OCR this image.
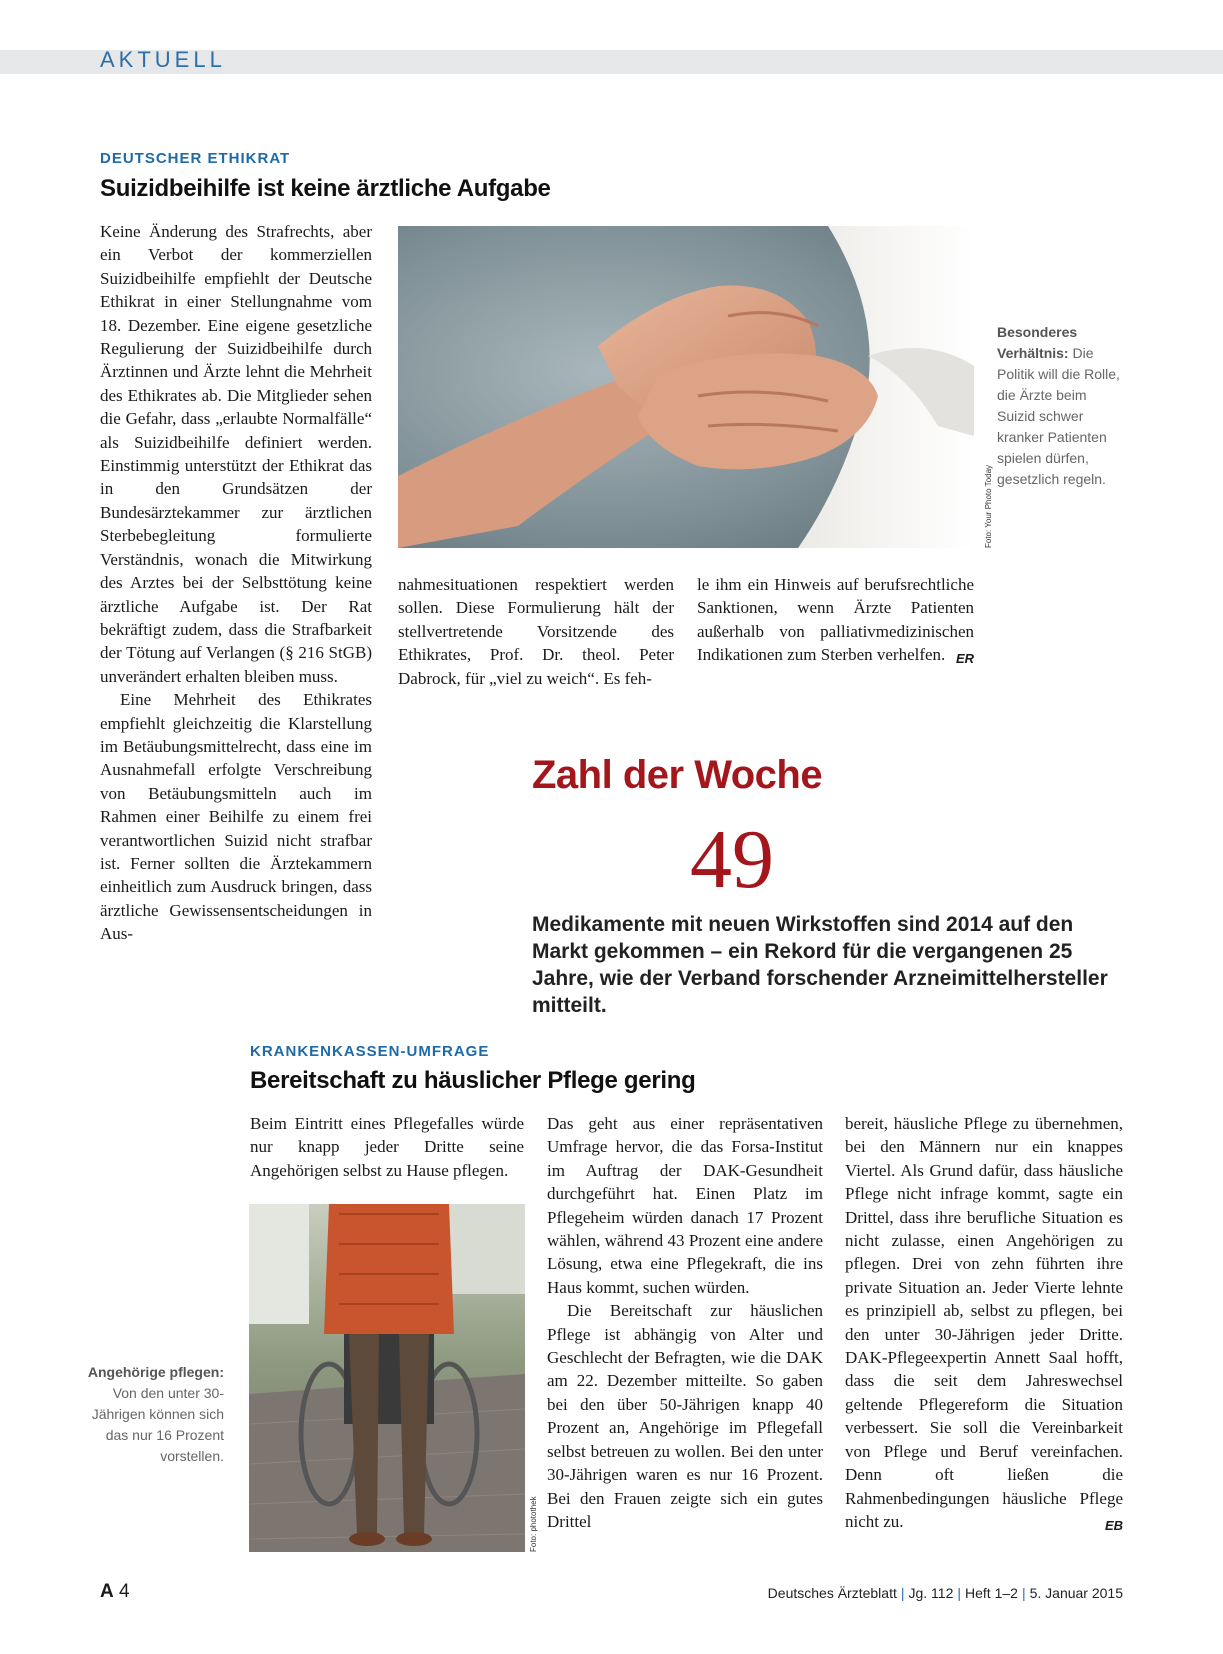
AKTUELL
DEUTSCHER ETHIKRAT
Suizidbeihilfe ist keine ärztliche Aufgabe

Keine Änderung des Strafrechts, aber ein Verbot der kommerziellen Suizidbeihilfe empfiehlt der Deutsche Ethikrat in einer Stellungnahme vom 18. Dezember. Eine eigene gesetzliche Regulierung der Suizidbeihilfe durch Ärztinnen und Ärzte lehnt die Mehrheit des Ethikrates ab. Die Mitglieder sehen die Gefahr, dass „erlaubte Normalfälle“ als Suizidbeihilfe definiert werden. Einstimmig unterstützt der Ethikrat das in den Grundsätzen der Bundesärztekammer zur ärztlichen Sterbebegleitung formulierte Verständnis, wonach die Mitwirkung des Arztes bei der Selbsttötung keine ärztliche Aufgabe ist. Der Rat bekräftigt zudem, dass die Strafbarkeit der Tötung auf Verlangen (§ 216 StGB) unverändert erhalten bleiben muss.

Eine Mehrheit des Ethikrates empfiehlt gleichzeitig die Klarstellung im Betäubungsmittelrecht, dass eine im Ausnahmefall erfolgte Verschreibung von Betäubungsmitteln auch im Rahmen einer Beihilfe zu einem frei verantwortlichen Suizid nicht strafbar ist. Ferner sollten die Ärztekammern einheitlich zum Ausdruck bringen, dass ärztliche Gewissensentscheidungen in Aus-

Foto: Your Photo Today
Besonderes Verhältnis: Die Politik will die Rolle, die Ärzte beim Suizid schwer kranker Patienten spielen dürfen, gesetzlich regeln.

nahmesituationen respektiert werden sollen. Diese Formulierung hält der stellvertretende Vorsitzende des Ethikrates, Prof. Dr. theol. Peter Dabrock, für „viel zu weich“. Es feh-

le ihm ein Hinweis auf berufsrechtliche Sanktionen, wenn Ärzte Patienten außerhalb von palliativmedizinischen Indikationen zum Sterben verhelfen. ER

Zahl der Woche
49
Medikamente mit neuen Wirkstoffen sind 2014 auf den Markt gekommen – ein Rekord für die vergangenen 25 Jahre, wie der Verband forschender Arzneimittelhersteller mitteilt.
KRANKENKASSEN-UMFRAGE
Bereitschaft zu häuslicher Pflege gering

Beim Eintritt eines Pflegefalles würde nur knapp jeder Dritte seine Angehörigen selbst zu Hause pflegen.

Foto: photothek
Angehörige pflegen: Von den unter 30-Jährigen können sich das nur 16 Prozent vorstellen.

Das geht aus einer repräsentativen Umfrage hervor, die das Forsa-Institut im Auftrag der DAK-Gesundheit durchgeführt hat. Einen Platz im Pflegeheim würden danach 17 Prozent wählen, während 43 Prozent eine andere Lösung, etwa eine Pflegekraft, die ins Haus kommt, suchen würden.

Die Bereitschaft zur häuslichen Pflege ist abhängig von Alter und Geschlecht der Befragten, wie die DAK am 22. Dezember mitteilte. So gaben bei den über 50-Jährigen knapp 40 Prozent an, Angehörige im Pflegefall selbst betreuen zu wollen. Bei den unter 30-Jährigen waren es nur 16 Prozent. Bei den Frauen zeigte sich ein gutes Drittel

bereit, häusliche Pflege zu übernehmen, bei den Männern nur ein knappes Viertel. Als Grund dafür, dass häusliche Pflege nicht infrage kommt, sagte ein Drittel, dass ihre berufliche Situation es nicht zulasse, einen Angehörigen zu pflegen. Drei von zehn führten ihre private Situation an. Jeder Vierte lehnte es prinzipiell ab, selbst zu pflegen, bei den unter 30-Jährigen jeder Dritte. DAK-Pflegeexpertin Annett Saal hofft, dass die seit dem Jahreswechsel geltende Pflegereform die Situation verbessert. Sie soll die Vereinbarkeit von Pflege und Beruf vereinfachen. Denn oft ließen die Rahmenbedingungen häusliche Pflege nicht zu.	EB

A 4	Deutsches Ärzteblatt | Jg. 112 | Heft 1–2 | 5. Januar 2015
